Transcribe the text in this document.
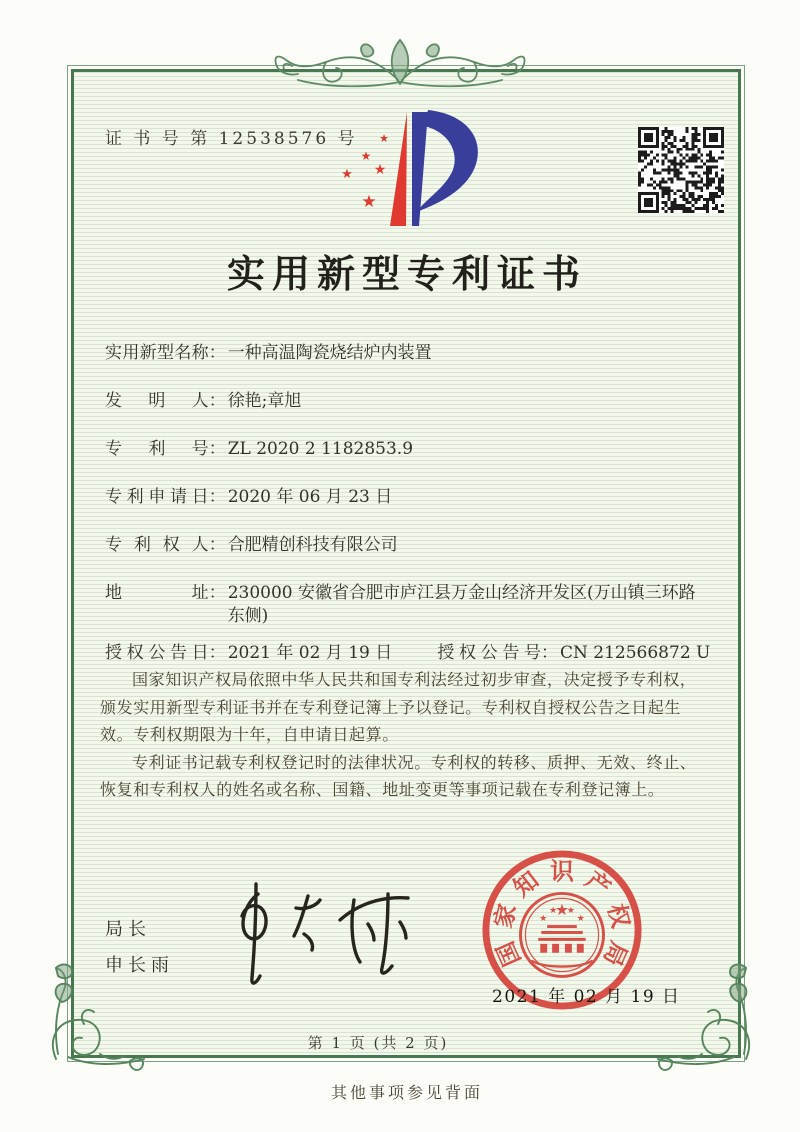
证 书 号 第 12538576 号 ★
★
★ ★
★
实用新型专利证书
实用新型名称 ： 一种高温陶瓷烧结炉内装置
发明人 ： 徐艳;章旭
专利号 ： ZL 2020 2 1182853.9
专利申请日 ： 2020 年 06 月 23 日
专利权人 ： 合肥精创科技有限公司
地址 ： 230000 安徽省合肥市庐江县万金山经济开发区(万山镇三环路东侧)
授权公告日 ： 2021 年 02 月 19 日	授权公告号 ： CN 212566872 U

国家知识产权局依照中华人民共和国专利法经过初步审查，决定授予专利权，颁发实用新型专利证书并在专利登记簿上予以登记。专利权自授权公告之日起生效。专利权期限为十年，自申请日起算。

专利证书记载专利权登记时的法律状况。专利权的转移、质押、无效、终止、恢复和专利权人的姓名或名称、国籍、地址变更等事项记载在专利登记簿上。

局长
申长雨	国
家
知 识 产
权
局
★
★
★ ★
★
2021 年 02 月 19 日
第 1 页 (共 2 页)
其他事项参见背面
